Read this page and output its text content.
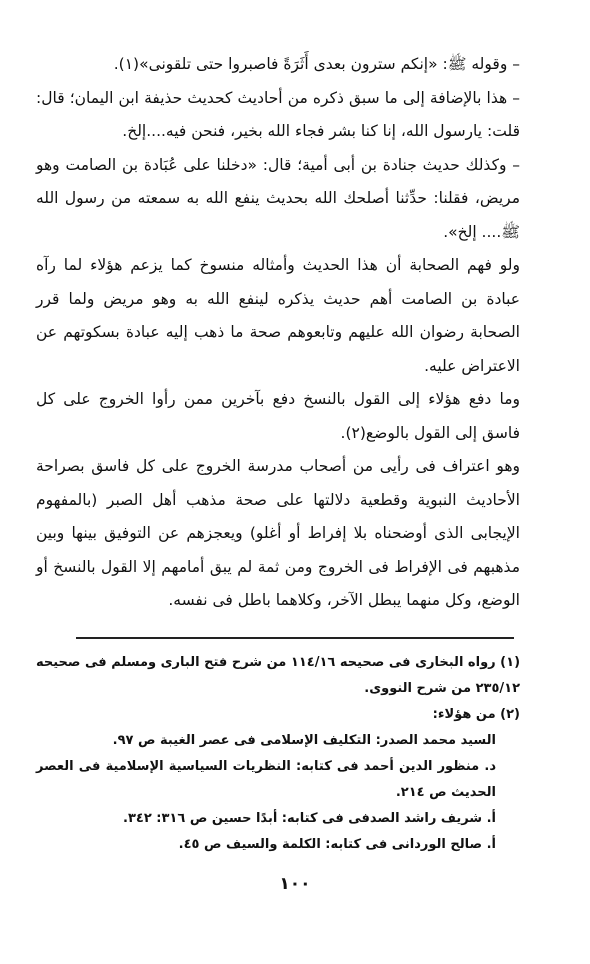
– وقوله ﷺ: «إنكم سترون بعدى أَثَرَةً فاصبروا حتى تلقونى»(١).

– هذا بالإضافة إلى ما سبق ذكره من أحاديث كحديث حذيفة ابن اليمان؛ قال: قلت: يارسول الله، إنا كنا بشر فجاء الله بخير، فنحن فيه....إلخ.

– وكذلك حديث جنادة بن أبى أمية؛ قال: «دخلنا على عُبَادة بن الصامت وهو مريض، فقلنا: حدِّثنا أصلحك الله بحديث ينفع الله به سمعته من رسول الله ﷺ.... إلخ».

ولو فهم الصحابة أن هذا الحديث وأمثاله منسوخ كما يزعم هؤلاء لما رآه عبادة بن الصامت أهم حديث يذكره لينفع الله به وهو مريض ولما قرر الصحابة رضوان الله عليهم وتابعوهم صحة ما ذهب إليه عبادة بسكوتهم عن الاعتراض عليه.

وما دفع هؤلاء إلى القول بالنسخ دفع بآخرين ممن رأوا الخروج على كل فاسق إلى القول بالوضع(٢).

وهو اعتراف فى رأيى من أصحاب مدرسة الخروج على كل فاسق بصراحة الأحاديث النبوية وقطعية دلالتها على صحة مذهب أهل الصبر (بالمفهوم الإيجابى الذى أوضحناه بلا إفراط أو أغلو) ويعجزهم عن التوفيق بينها وبين مذهبهم فى الإفراط فى الخروج ومن ثمة لم يبق أمامهم إلا القول بالنسخ أو الوضع، وكل منهما يبطل الآخر، وكلاهما باطل فى نفسه.

(١) رواه البخارى فى صحيحه ١١٤/١٦ من شرح فتح البارى ومسلم فى صحيحه ٢٣٥/١٢ من شرح النووى.

(٢) من هؤلاء:

السيد محمد الصدر: التكليف الإسلامى فى عصر الغيبة ص ٩٧.

د. منظور الدين أحمد فى كتابه: النظريات السياسية الإسلامية فى العصر الحديث ص ٢١٤.

أ. شريف راشد الصدفى فى كتابه: أبدًا حسين ص ٣١٦: ٣٤٢.

أ. صالح الوردانى فى كتابه: الكلمة والسيف ص ٤٥.

١٠٠
